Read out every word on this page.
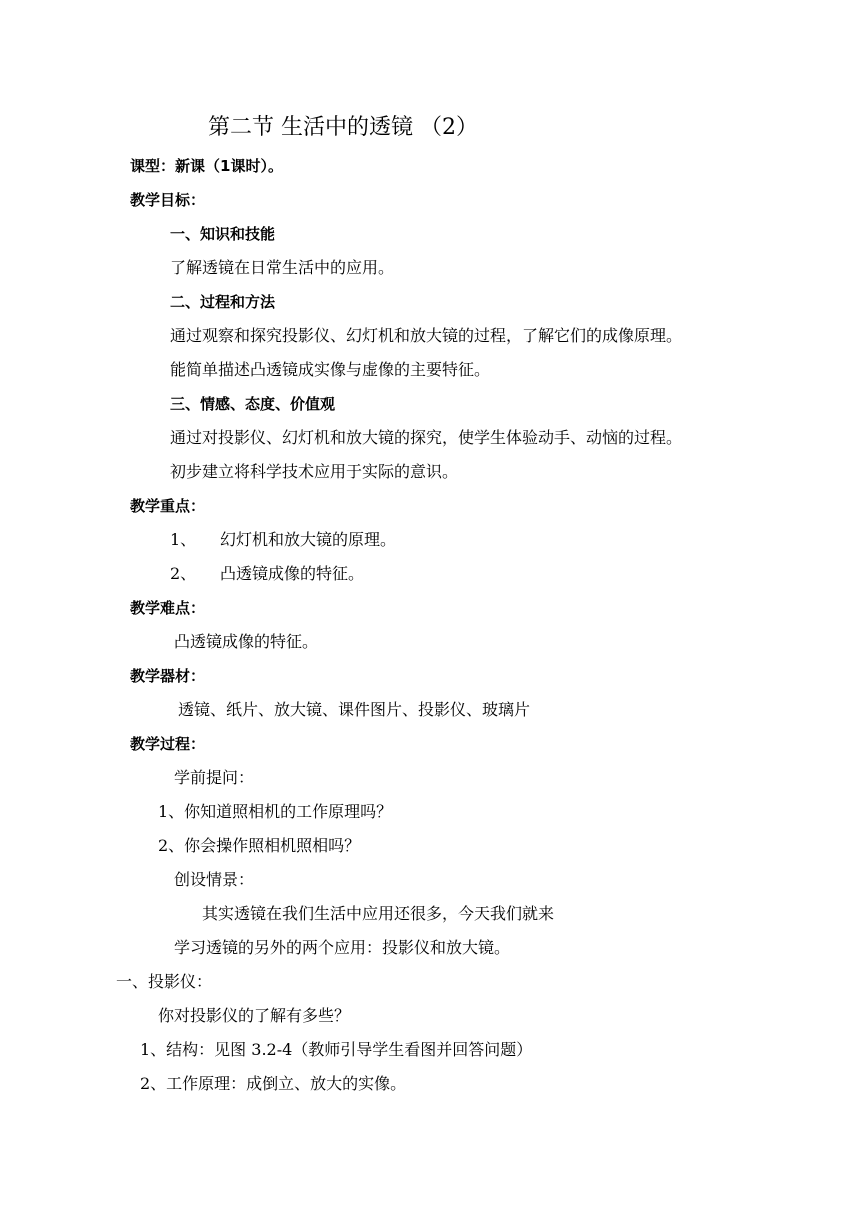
第二节 生活中的透镜 （2）
课型：新课（1课时）。
教学目标：
一、知识和技能
了解透镜在日常生活中的应用。
二、过程和方法
通过观察和探究投影仪、幻灯机和放大镜的过程，了解它们的成像原理。
能简单描述凸透镜成实像与虚像的主要特征。
三、情感、态度、价值观
通过对投影仪、幻灯机和放大镜的探究，使学生体验动手、动恼的过程。
初步建立将科学技术应用于实际的意识。
教学重点：
1、 幻灯机和放大镜的原理。
2、 凸透镜成像的特征。
教学难点：
凸透镜成像的特征。
教学器材：
透镜、纸片、放大镜、课件图片、投影仪、玻璃片
教学过程：
学前提问：
1、你知道照相机的工作原理吗？
2、你会操作照相机照相吗？
创设情景：
其实透镜在我们生活中应用还很多，今天我们就来
学习透镜的另外的两个应用：投影仪和放大镜。
一、投影仪：
你对投影仪的了解有多些？
1、结构：见图 3.2-4（教师引导学生看图并回答问题）
2、工作原理：成倒立、放大的实像。
